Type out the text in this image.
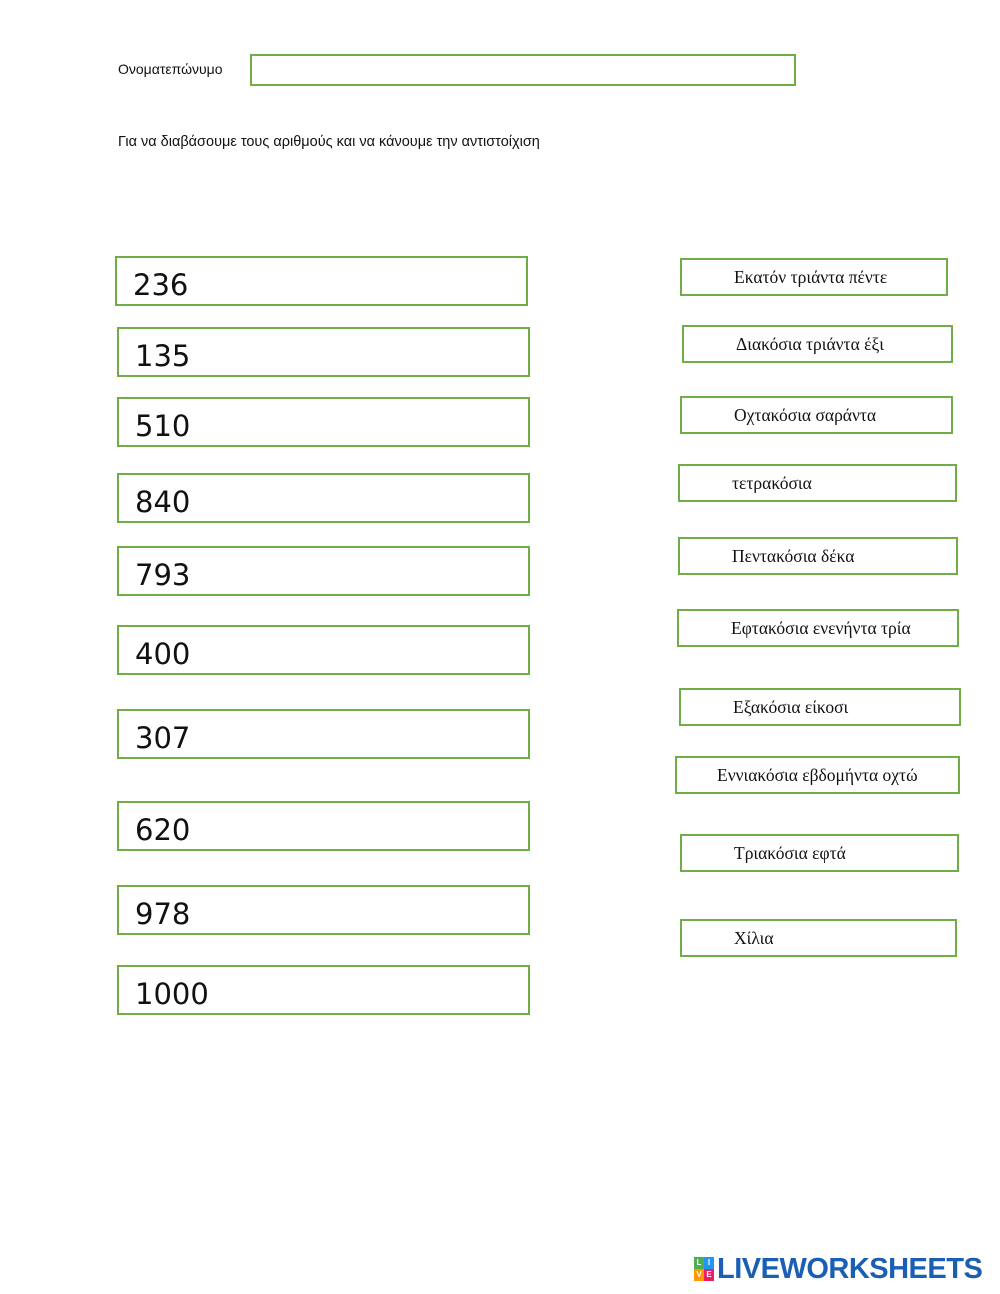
Ονοματεπώνυμο
Για να διαβάσουμε τους αριθμούς και να κάνουμε την αντιστοίχιση
236
135
510
840
793
400
307
620
978
1000
Εκατόν τριάντα πέντε
Διακόσια τριάντα έξι
Οχτακόσια σαράντα
τετρακόσια
Πεντακόσια δέκα
Εφτακόσια ενενήντα τρία
Εξακόσια είκοσι
Εννιακόσια εβδομήντα οχτώ
Τριακόσια εφτά
Χίλια
L I
V E LIVEWORKSHEETS
